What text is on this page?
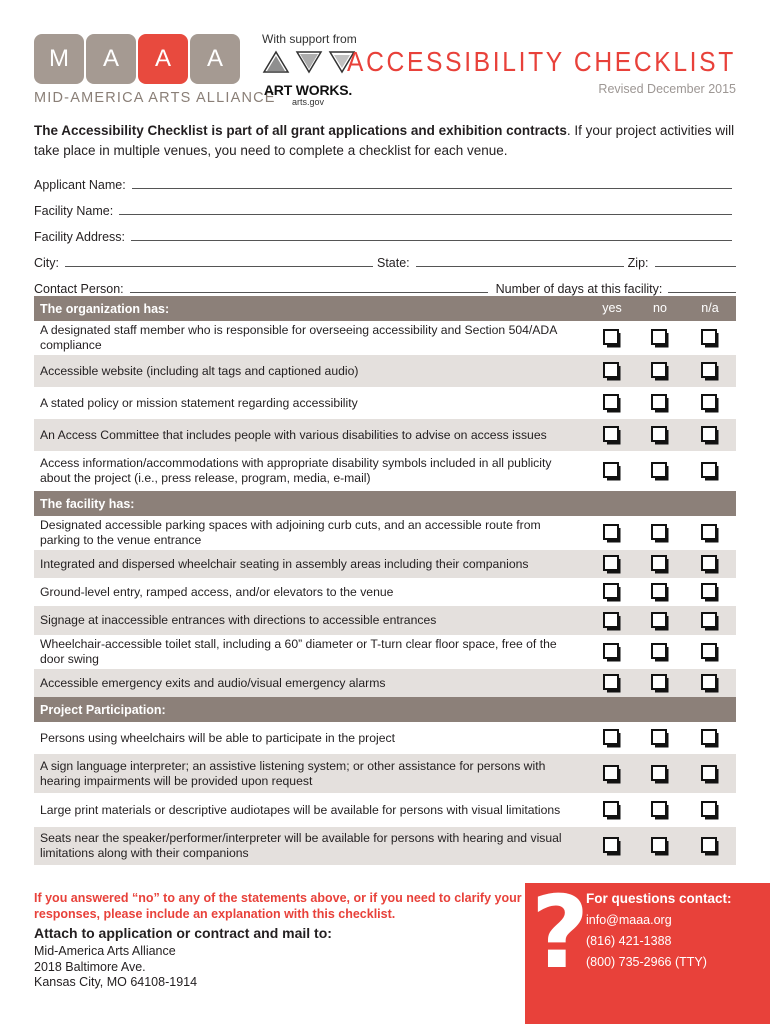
M A A A
MID-AMERICA ARTS ALLIANCE
With support from
ART WORKS.
arts.gov
ACCESSIBILITY CHECKLIST
Revised December 2015

The Accessibility Checklist is part of all grant applications and exhibition contracts. If your project activities will take place in multiple venues, you need to complete a checklist for each venue.

Applicant Name:
Facility Name:
Facility Address:
City:	State:	Zip:
Contact Person:	Number of days at this facility:
The organization has:	yes	no	n/a
A designated staff member who is responsible for overseeing accessibility and Section 504/ADA compliance
Accessible website (including alt tags and captioned audio)
A stated policy or mission statement regarding accessibility
An Access Committee that includes people with various disabilities to advise on access issues
Access information/accommodations with appropriate disability symbols included in all publicity about the project (i.e., press release, program, media, e-mail)
The facility has:
Designated accessible parking spaces with adjoining curb cuts, and an accessible route from parking to the venue entrance
Integrated and dispersed wheelchair seating in assembly areas including their companions
Ground-level entry, ramped access, and/or elevators to the venue
Signage at inaccessible entrances with directions to accessible entrances
Wheelchair-accessible toilet stall, including a 60” diameter or T-turn clear floor space, free of the door swing
Accessible emergency exits and audio/visual emergency alarms
Project Participation:
Persons using wheelchairs will be able to participate in the project
A sign language interpreter; an assistive listening system; or other assistance for persons with hearing impairments will be provided upon request
Large print materials or descriptive audiotapes will be available for persons with visual limitations
Seats near the speaker/performer/interpreter will be available for persons with hearing and visual limitations along with their companions
If you answered “no” to any of the statements above, or if you need to clarify your responses, please include an explanation with this checklist.
Attach to application or contract and mail to:
Mid-America Arts Alliance
2018 Baltimore Ave.
Kansas City, MO 64108-1914	?
For questions contact:
info@maaa.org
(816) 421-1388
(800) 735-2966 (TTY)
